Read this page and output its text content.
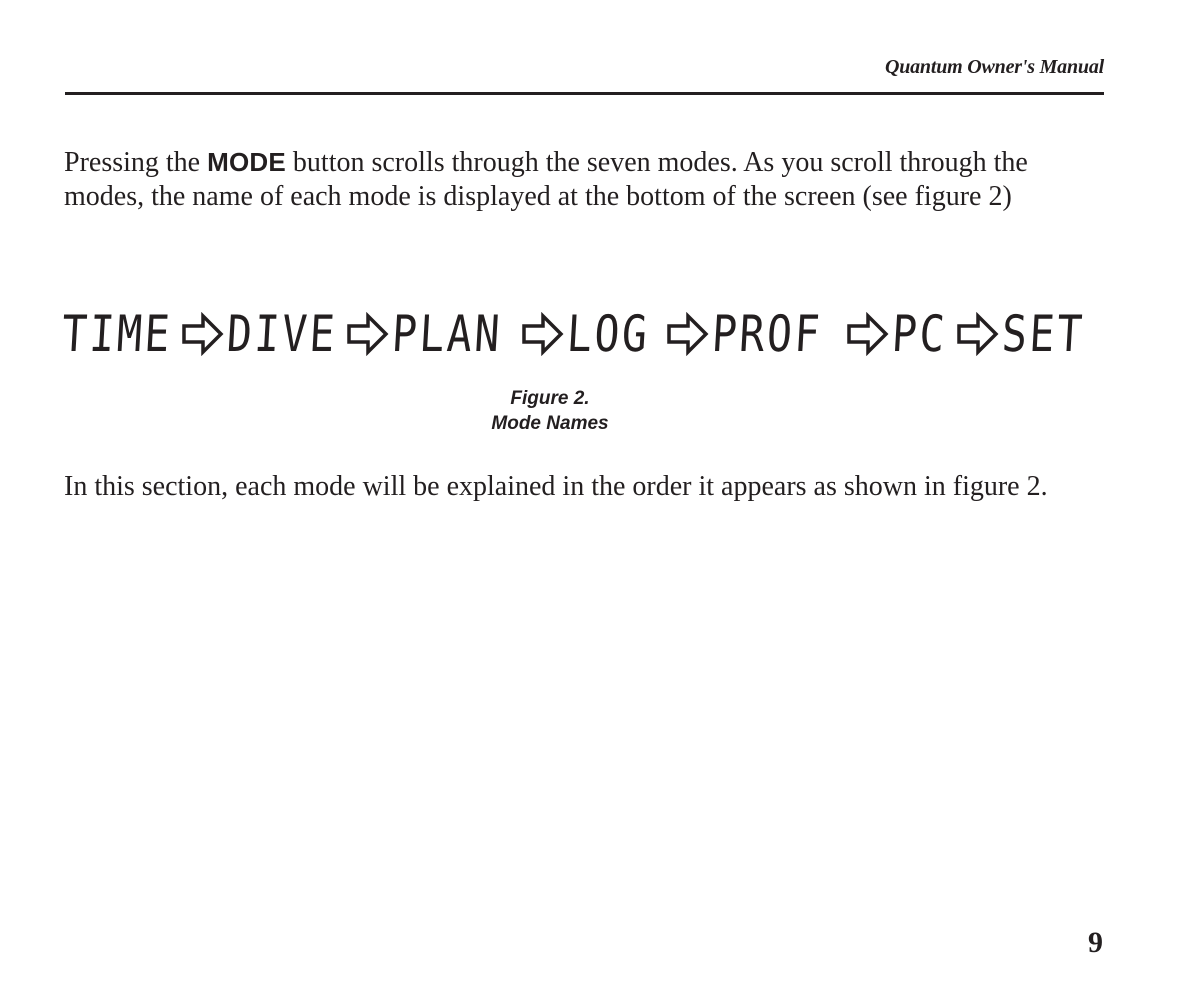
Quantum Owner's Manual

Pressing the MODE button scrolls through the seven modes. As you scroll through the modes, the name of each mode is displayed at the bottom of the screen (see figure 2)

TIME DIVE PLAN LOG PROF PC SET
Figure 2.
Mode Names

In this section, each mode will be explained in the order it appears as shown in figure 2.

9
